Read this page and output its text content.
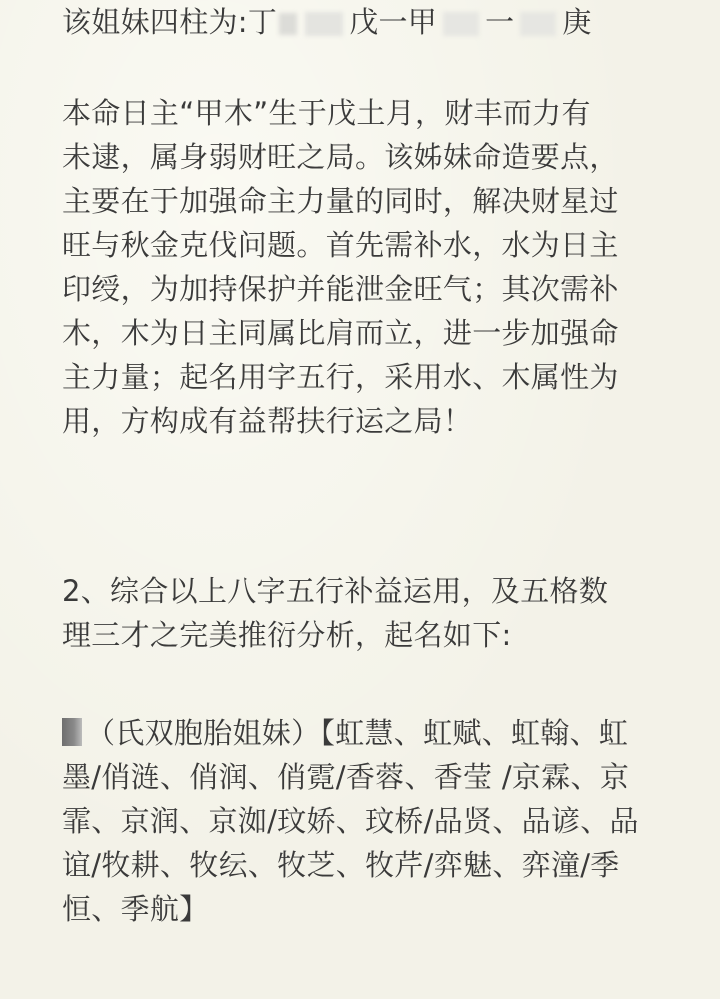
该姐妹四柱为:丁 戊一甲 一 庚
本命日主“甲木”生于戊土月，财丰而力有
未逮，属身弱财旺之局。该姊妹命造要点，
主要在于加强命主力量的同时，解决财星过
旺与秋金克伐问题。首先需补水，水为日主
印绶，为加持保护并能泄金旺气；其次需补
木，木为日主同属比肩而立，进一步加强命
主力量；起名用字五行，采用水、木属性为
用，方构成有益帮扶行运之局！
2、综合以上八字五行补益运用，及五格数
理三才之完美推衍分析，起名如下:
（氏双胞胎姐妹）【虹慧、虹赋、虹翰、虹
墨/俏涟、俏润、俏霓/香蓉、香莹 /京霖、京
霏、京润、京洳/玟娇、玟桥/品贤、品谚、品
谊/牧耕、牧纭、牧芝、牧芹/弈魅、弈潼/季
恒、季航】
